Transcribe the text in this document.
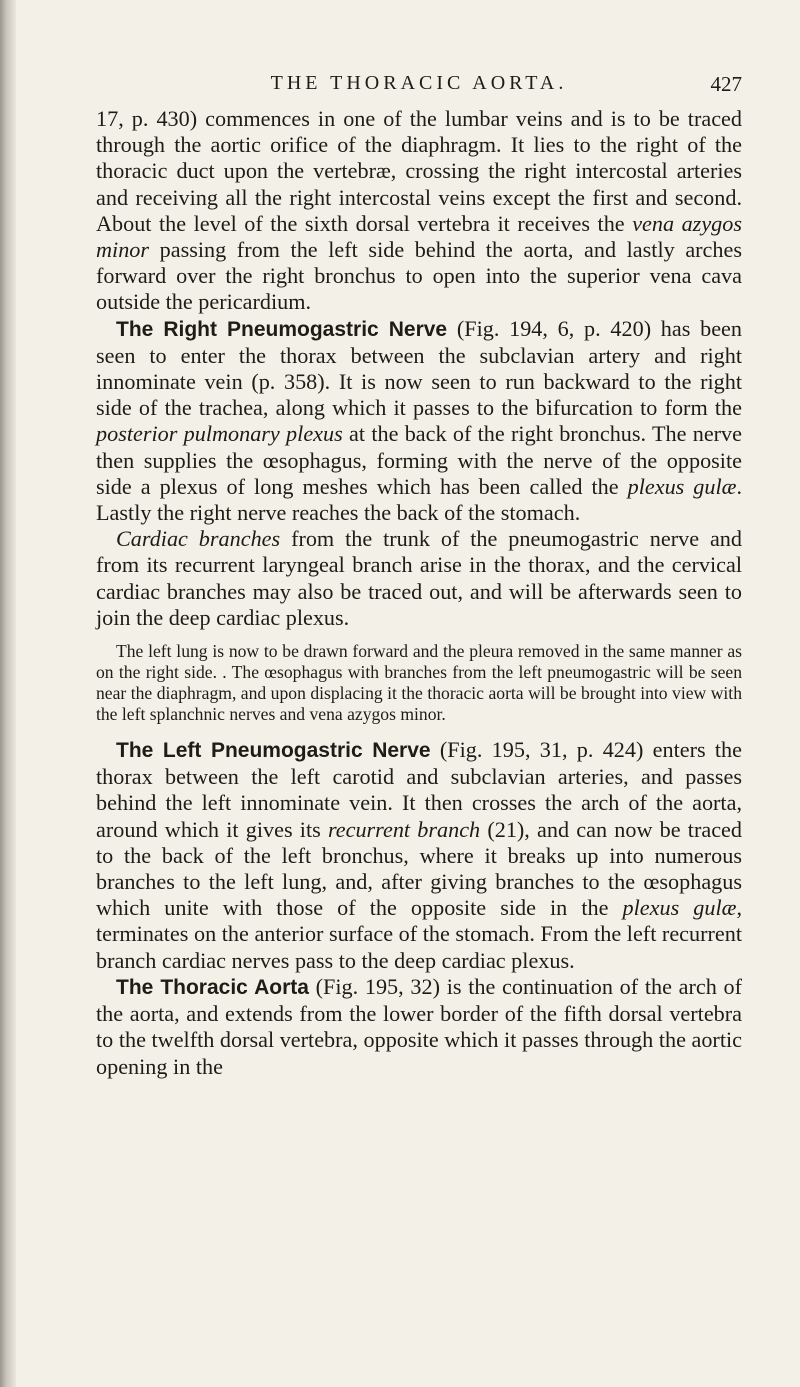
THE THORACIC AORTA.	427

17, p. 430) commences in one of the lumbar veins and is to be traced through the aortic orifice of the diaphragm. It lies to the right of the thoracic duct upon the vertebræ, crossing the right intercostal arteries and receiving all the right intercostal veins except the first and second. About the level of the sixth dorsal vertebra it receives the vena azygos minor passing from the left side behind the aorta, and lastly arches forward over the right bronchus to open into the superior vena cava outside the pericardium.

The Right Pneumogastric Nerve (Fig. 194, 6, p. 420) has been seen to enter the thorax between the subclavian artery and right innominate vein (p. 358). It is now seen to run backward to the right side of the trachea, along which it passes to the bifurcation to form the posterior pulmonary plexus at the back of the right bronchus. The nerve then supplies the œsophagus, forming with the nerve of the opposite side a plexus of long meshes which has been called the plexus gulæ. Lastly the right nerve reaches the back of the stomach.

Cardiac branches from the trunk of the pneumogastric nerve and from its recurrent laryngeal branch arise in the thorax, and the cervical cardiac branches may also be traced out, and will be afterwards seen to join the deep cardiac plexus.

The left lung is now to be drawn forward and the pleura removed in the same manner as on the right side. . The œsophagus with branches from the left pneumogastric will be seen near the diaphragm, and upon displacing it the thoracic aorta will be brought into view with the left splanchnic nerves and vena azygos minor.

The Left Pneumogastric Nerve (Fig. 195, 31, p. 424) enters the thorax between the left carotid and subclavian arteries, and passes behind the left innominate vein. It then crosses the arch of the aorta, around which it gives its recurrent branch (21), and can now be traced to the back of the left bronchus, where it breaks up into numerous branches to the left lung, and, after giving branches to the œsophagus which unite with those of the opposite side in the plexus gulæ, terminates on the anterior surface of the stomach. From the left recurrent branch cardiac nerves pass to the deep cardiac plexus.

The Thoracic Aorta (Fig. 195, 32) is the continuation of the arch of the aorta, and extends from the lower border of the fifth dorsal vertebra to the twelfth dorsal vertebra, opposite which it passes through the aortic opening in the
